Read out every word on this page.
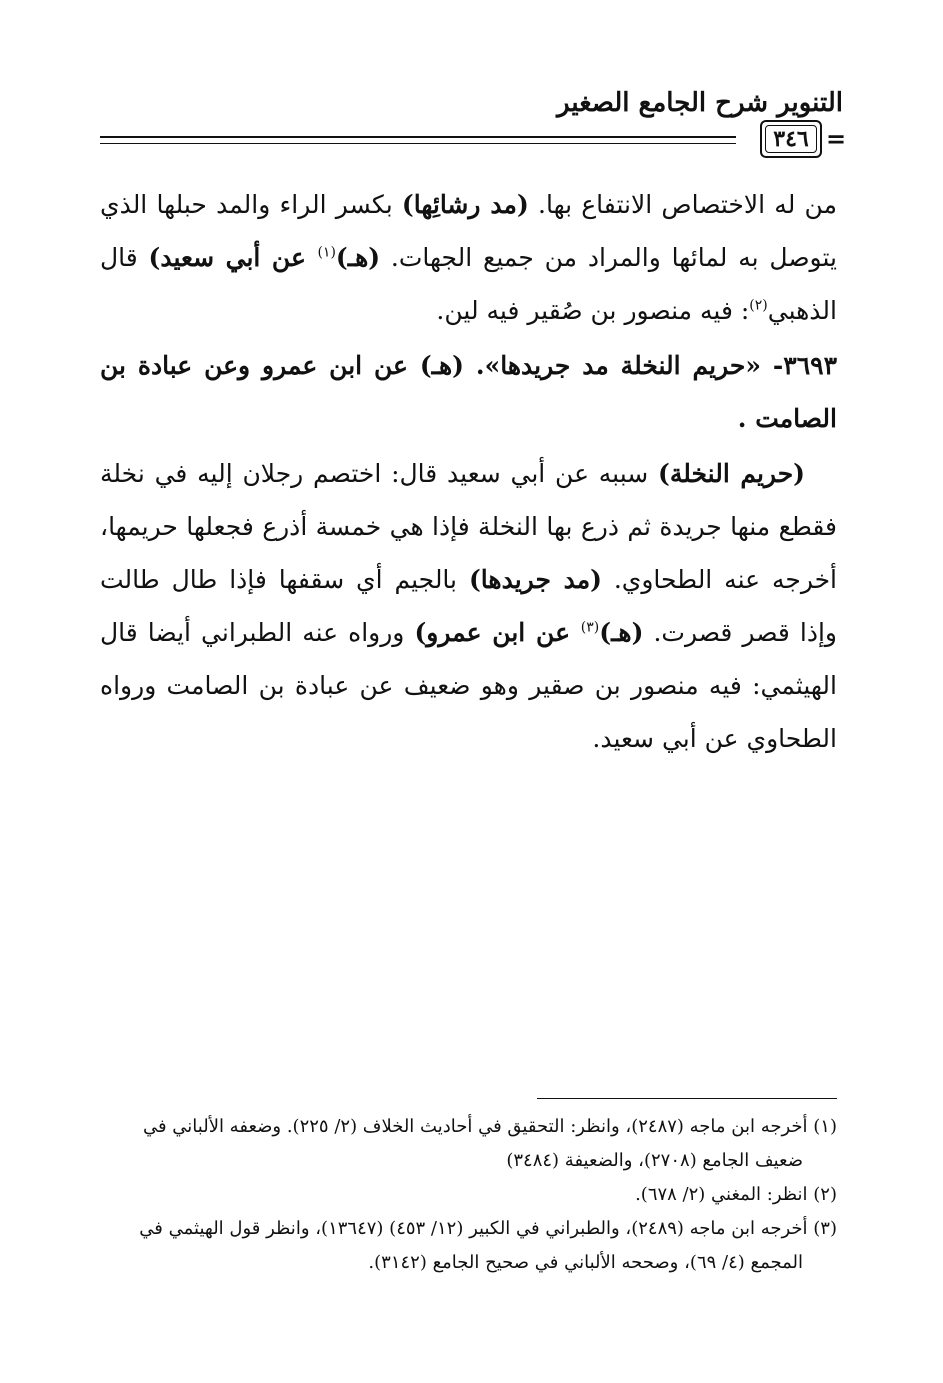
التنوير شرح الجامع الصغير
٣٤٦ =

من له الاختصاص الانتفاع بها. (مد رشائِها) بكسر الراء والمد حبلها الذي يتوصل به لمائها والمراد من جميع الجهات. (هـ)$^{(١)}$ عن أبي سعيد) قال الذهبي$^{(٢)}$: فيه منصور بن صُقير فيه لين.

٣٦٩٣- «حريم النخلة مد جريدها». (هـ) عن ابن عمرو وعن عبادة بن الصامت .

(حريم النخلة) سببه عن أبي سعيد قال: اختصم رجلان إليه في نخلة فقطع منها جريدة ثم ذرع بها النخلة فإذا هي خمسة أذرع فجعلها حريمها، أخرجه عنه الطحاوي. (مد جريدها) بالجيم أي سقفها فإذا طال طالت وإذا قصر قصرت. (هـ)$^{(٣)}$ عن ابن عمرو) ورواه عنه الطبراني أيضا قال الهيثمي: فيه منصور بن صقير وهو ضعيف عن عبادة بن الصامت ورواه الطحاوي عن أبي سعيد.

(١) أخرجه ابن ماجه (٢٤٨٧)، وانظر: التحقيق في أحاديث الخلاف (٢/ ٢٢٥). وضعفه الألباني في

ضعيف الجامع (٢٧٠٨)، والضعيفة (٣٤٨٤)

(٢) انظر: المغني (٢/ ٦٧٨).

(٣) أخرجه ابن ماجه (٢٤٨٩)، والطبراني في الكبير (١٢/ ٤٥٣) (١٣٦٤٧)، وانظر قول الهيثمي في

المجمع (٤/ ٦٩)، وصححه الألباني في صحيح الجامع (٣١٤٢).
